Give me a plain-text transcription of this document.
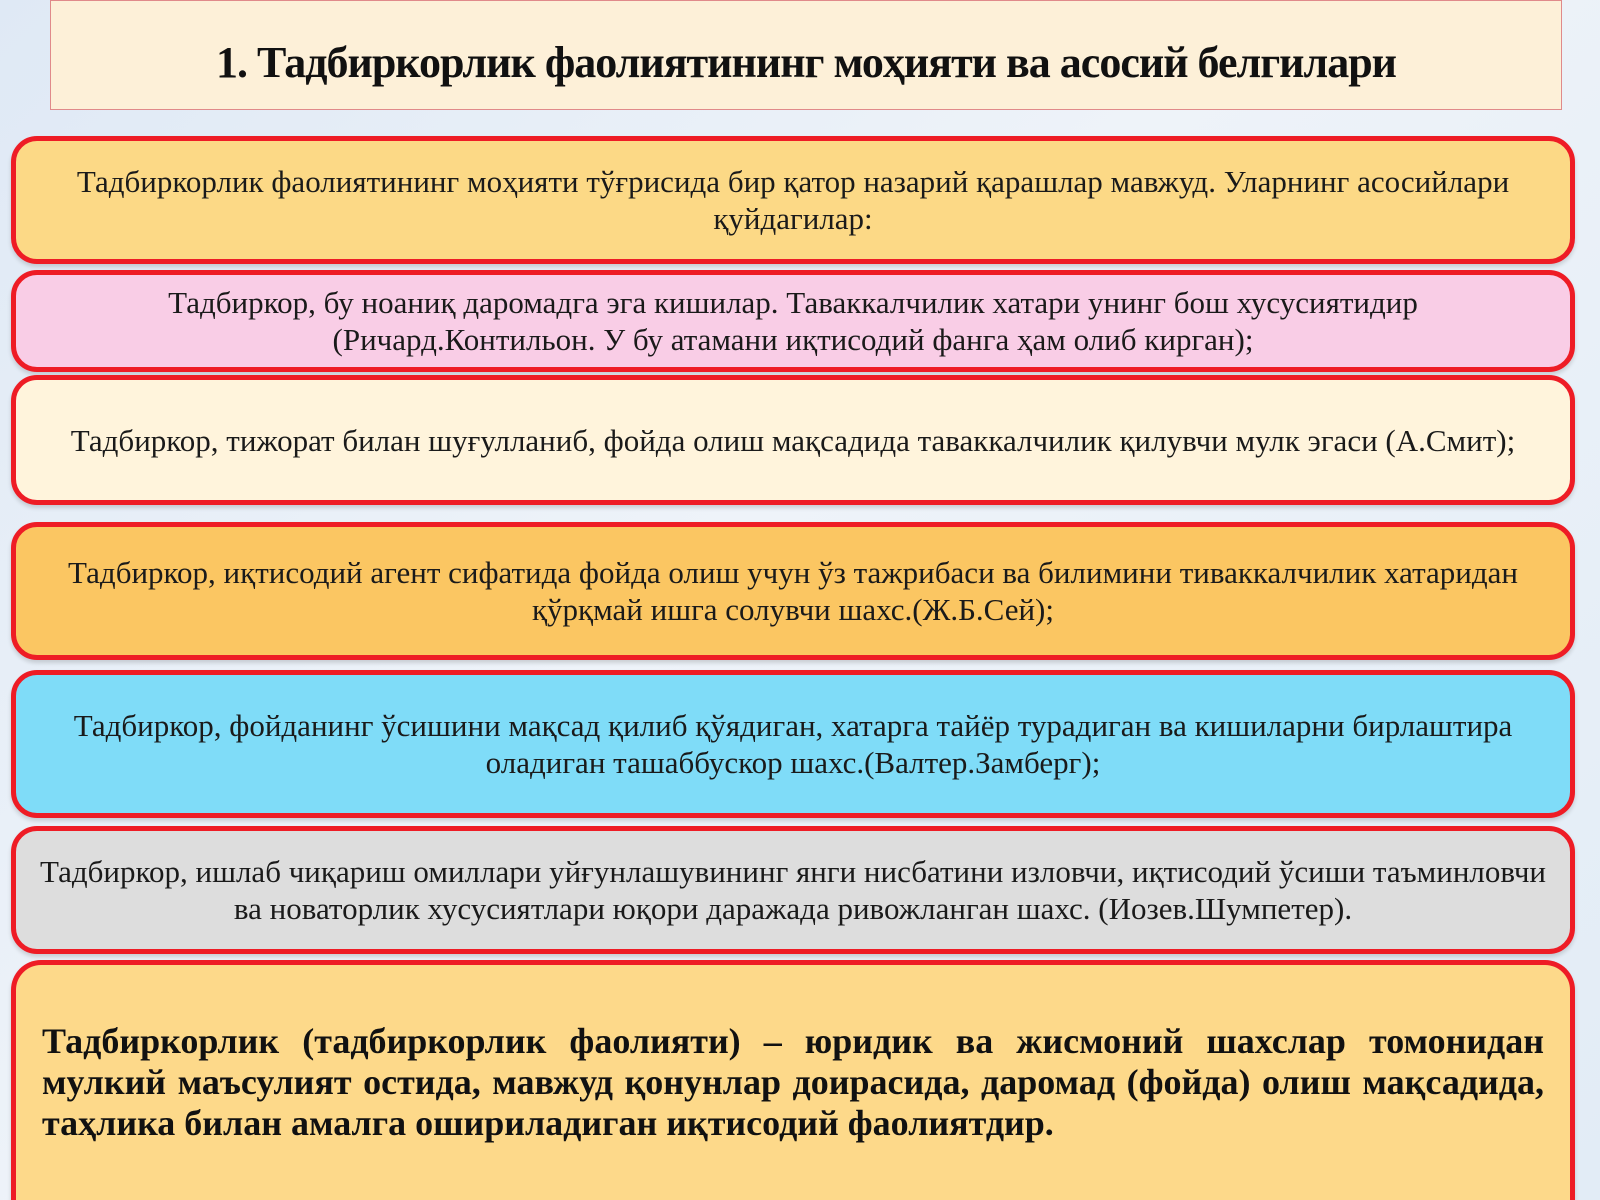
1. Тадбиркорлик фаолиятининг моҳияти ва асосий белгилари
Тадбиркорлик фаолиятининг моҳияти тўғрисида бир қатор назарий қарашлар мавжуд. Уларнинг асосийлари қуйдагилар:
Тадбиркор, бу ноаниқ даромадга эга кишилар. Таваккалчилик хатари унинг бош хусусиятидир (Ричард.Контильон. У бу атамани иқтисодий фанга ҳам олиб кирган);
Тадбиркор, тижорат билан шуғулланиб, фойда олиш мақсадида таваккалчилик қилувчи мулк эгаси (А.Смит);
Тадбиркор, иқтисодий агент сифатида фойда олиш учун ўз тажрибаси ва билимини тиваккалчилик хатаридан қўрқмай ишга солувчи шахс.(Ж.Б.Сей);
Тадбиркор, фойданинг ўсишини мақсад қилиб қўядиган, хатарга тайёр турадиган ва кишиларни бирлаштира оладиган ташаббускор шахс.(Валтер.Замберг);
Тадбиркор, ишлаб чиқариш омиллари уйғунлашувининг янги нисбатини изловчи, иқтисодий ўсиши таъминловчи ва новаторлик хусусиятлари юқори даражада ривожланган шахс. (Иозев.Шумпетер).
Тадбиркорлик (тадбиркорлик фаолияти) – юридик ва жисмоний шахслар томонидан мулкий маъсулият остида, мавжуд қонунлар доирасида, даромад (фойда) олиш мақсадида, таҳлика билан амалга ошириладиган иқтисодий фаолиятдир.
